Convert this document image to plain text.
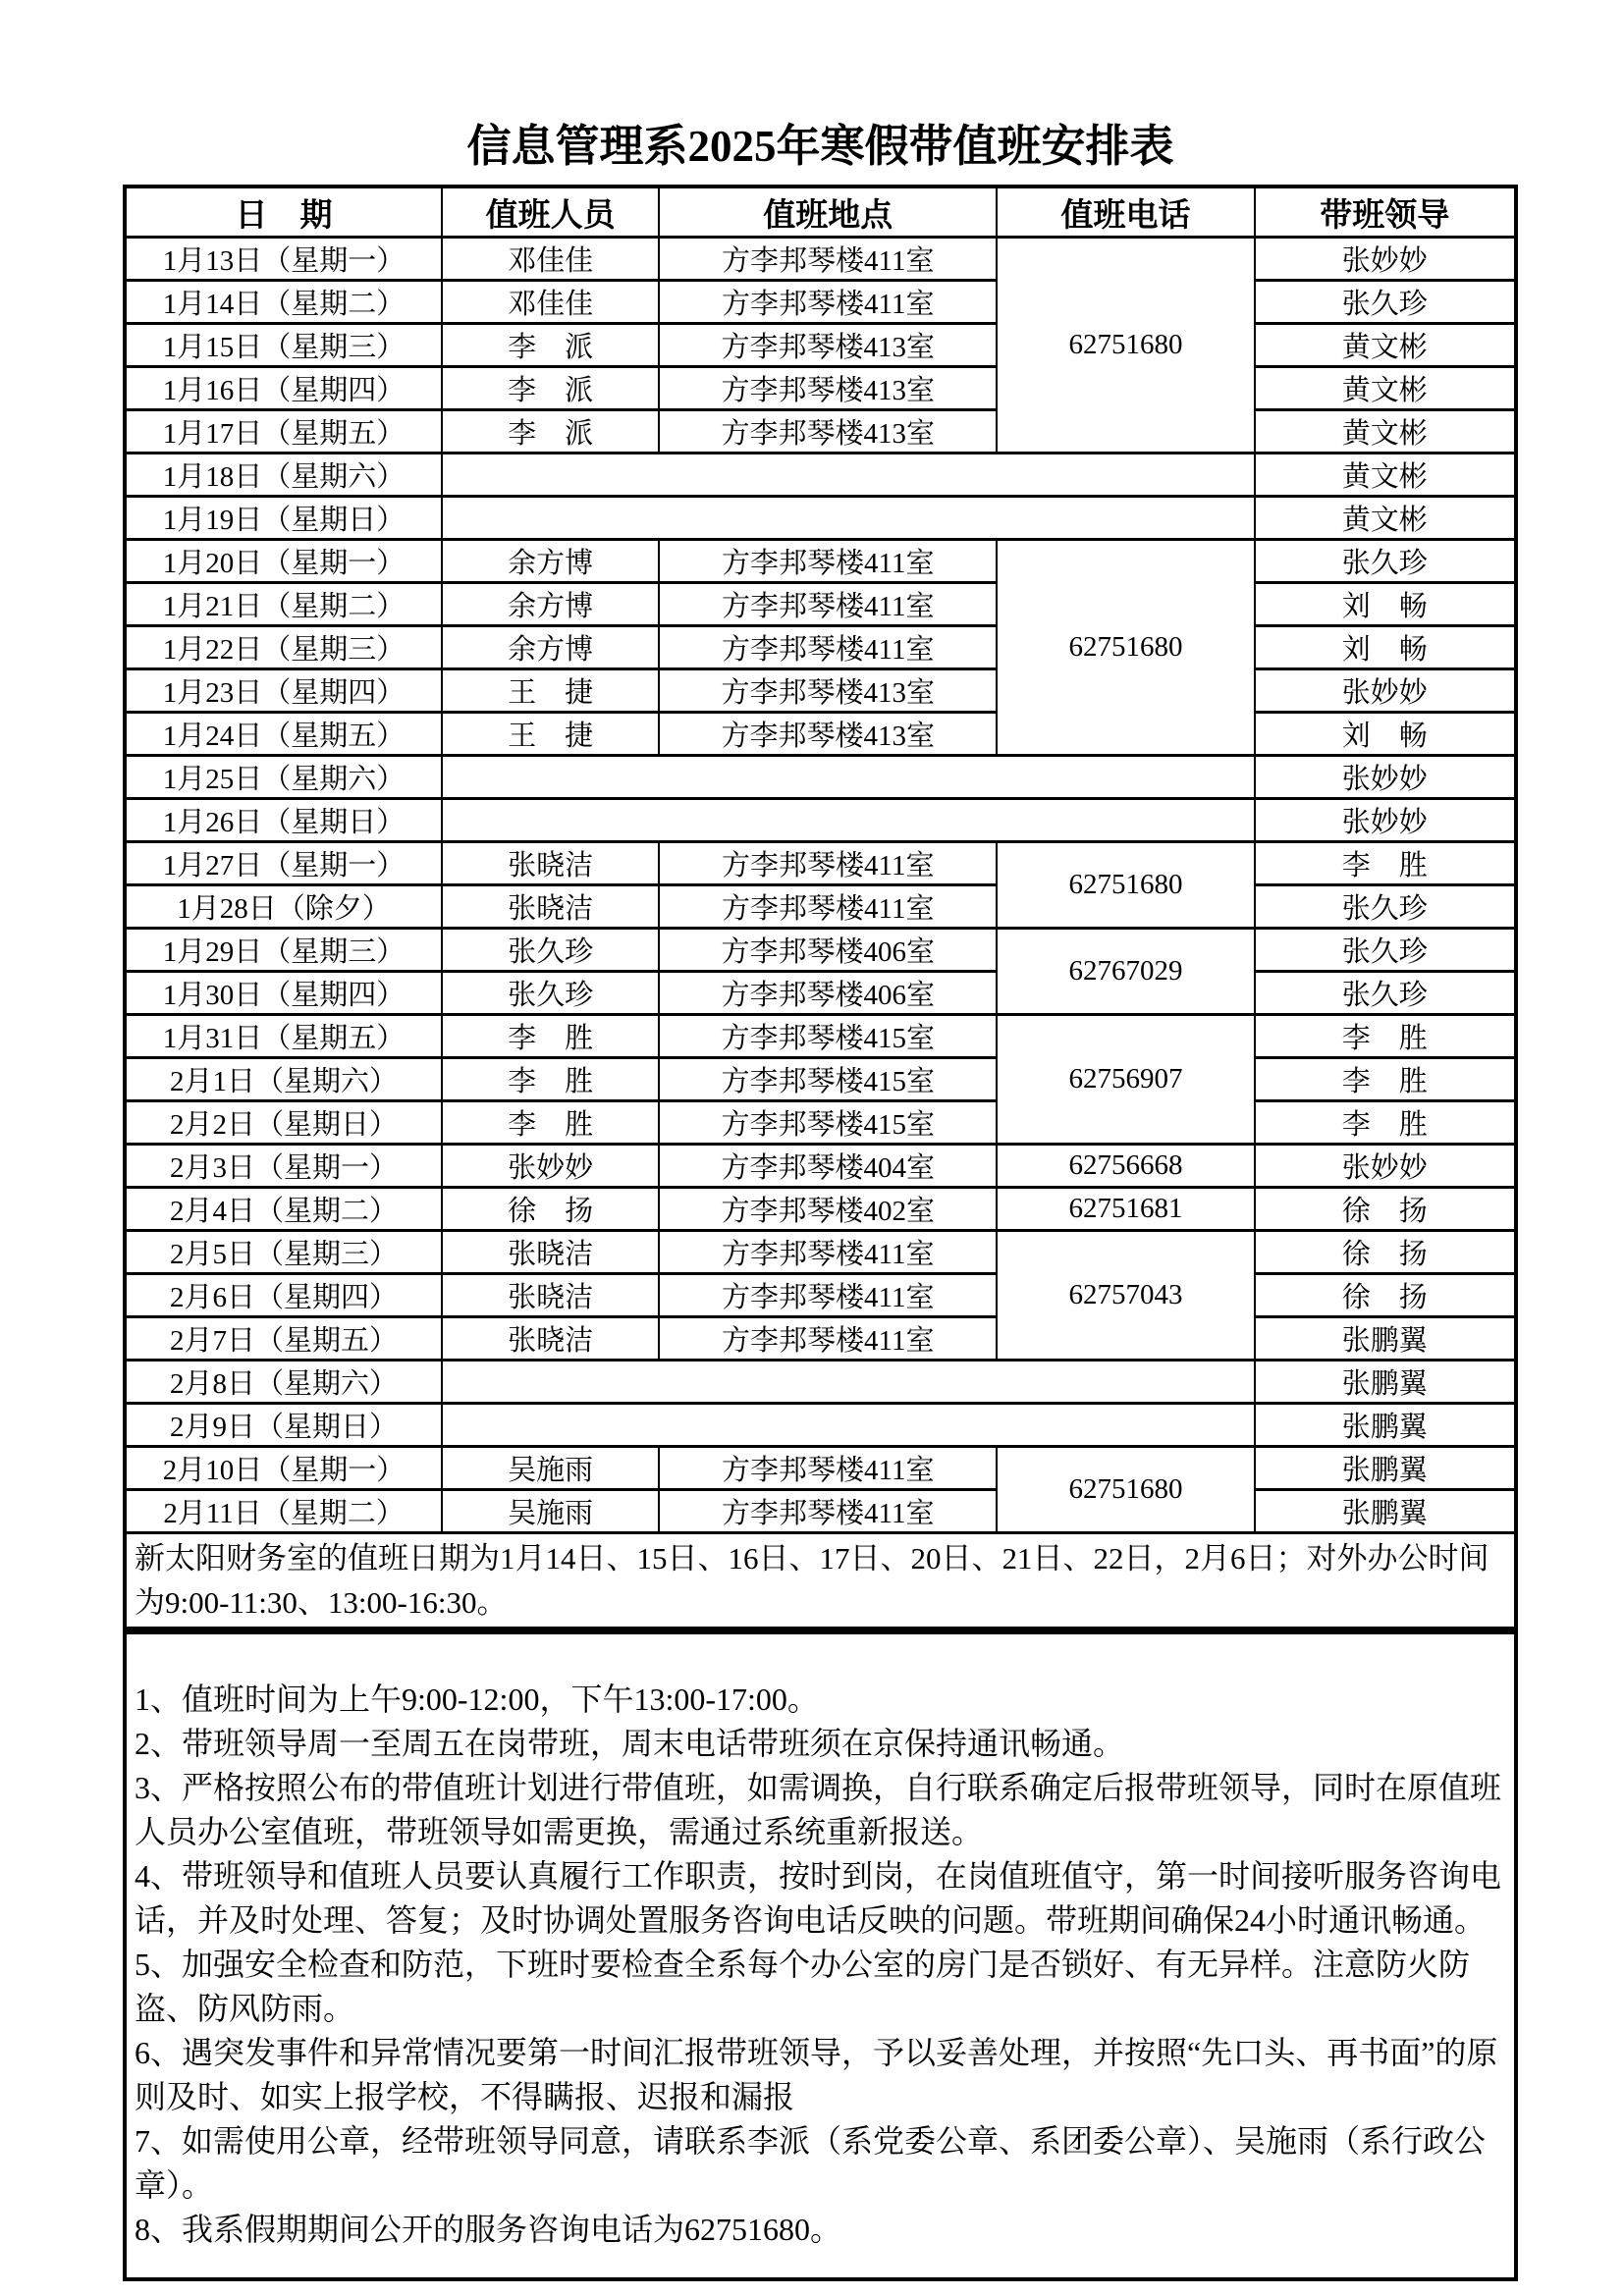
信息管理系2025年寒假带值班安排表
日　期	值班人员	值班地点	值班电话	带班领导
1月13日（星期一）	邓佳佳	方李邦琴楼411室	62751680	张妙妙
1月14日（星期二）	邓佳佳	方李邦琴楼411室		张久珍
1月15日（星期三）	李　派	方李邦琴楼413室		黄文彬
1月16日（星期四）	李　派	方李邦琴楼413室		黄文彬
1月17日（星期五）	李　派	方李邦琴楼413室		黄文彬
1月18日（星期六）				黄文彬
1月19日（星期日）				黄文彬
1月20日（星期一）	余方博	方李邦琴楼411室	62751680	张久珍
1月21日（星期二）	余方博	方李邦琴楼411室		刘　畅
1月22日（星期三）	余方博	方李邦琴楼411室		刘　畅
1月23日（星期四）	王　捷	方李邦琴楼413室		张妙妙
1月24日（星期五）	王　捷	方李邦琴楼413室		刘　畅
1月25日（星期六）				张妙妙
1月26日（星期日）				张妙妙
1月27日（星期一）	张晓洁	方李邦琴楼411室	62751680	李　胜
1月28日（除夕）	张晓洁	方李邦琴楼411室		张久珍
1月29日（星期三）	张久珍	方李邦琴楼406室	62767029	张久珍
1月30日（星期四）	张久珍	方李邦琴楼406室		张久珍
1月31日（星期五）	李　胜	方李邦琴楼415室	62756907	李　胜
2月1日（星期六）	李　胜	方李邦琴楼415室		李　胜
2月2日（星期日）	李　胜	方李邦琴楼415室		李　胜
2月3日（星期一）	张妙妙	方李邦琴楼404室	62756668	张妙妙
2月4日（星期二）	徐　扬	方李邦琴楼402室	62751681	徐　扬
2月5日（星期三）	张晓洁	方李邦琴楼411室	62757043	徐　扬
2月6日（星期四）	张晓洁	方李邦琴楼411室		徐　扬
2月7日（星期五）	张晓洁	方李邦琴楼411室		张鹏翼
2月8日（星期六）				张鹏翼
2月9日（星期日）				张鹏翼
2月10日（星期一）	吴施雨	方李邦琴楼411室	62751680	张鹏翼
2月11日（星期二）	吴施雨	方李邦琴楼411室		张鹏翼
新太阳财务室的值班日期为1月14日、15日、16日、17日、20日、21日、22日，2月6日；对外办公时间为9:00-11:30、13:00-16:30。				

1、值班时间为上午9:00-12:00，下午13:00-17:00。

2、带班领导周一至周五在岗带班，周末电话带班须在京保持通讯畅通。

3、严格按照公布的带值班计划进行带值班，如需调换，自行联系确定后报带班领导，同时在原值班人员办公室值班，带班领导如需更换，需通过系统重新报送。

4、带班领导和值班人员要认真履行工作职责，按时到岗，在岗值班值守，第一时间接听服务咨询电话，并及时处理、答复；及时协调处置服务咨询电话反映的问题。带班期间确保24小时通讯畅通。

5、加强安全检查和防范，下班时要检查全系每个办公室的房门是否锁好、有无异样。注意防火防盗、防风防雨。

6、遇突发事件和异常情况要第一时间汇报带班领导，予以妥善处理，并按照“先口头、再书面”的原则及时、如实上报学校，不得瞒报、迟报和漏报

7、如需使用公章，经带班领导同意，请联系李派（系党委公章、系团委公章）、吴施雨（系行政公章）。

8、我系假期期间公开的服务咨询电话为62751680。
